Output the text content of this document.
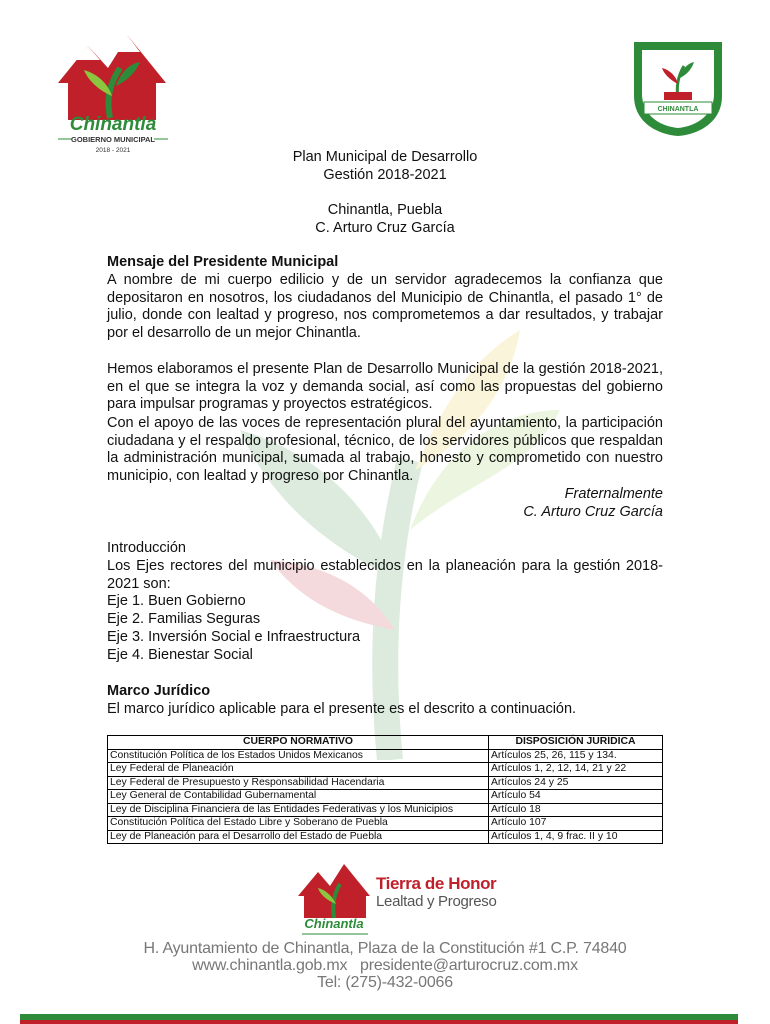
Chinantla
GOBIERNO MUNICIPAL
2018 - 2021
CHINANTLA
Plan Municipal de Desarrollo
Gestión 2018-2021
Chinantla, Puebla
C. Arturo Cruz García
Mensaje del Presidente Municipal
A nombre de mi cuerpo edilicio y de un servidor agradecemos la confianza que depositaron en nosotros, los ciudadanos del Municipio de Chinantla, el pasado 1° de julio, donde con lealtad y progreso, nos comprometemos a dar resultados, y trabajar por el desarrollo de un mejor Chinantla.
Hemos elaboramos el presente Plan de Desarrollo Municipal de la gestión 2018-2021, en el que se integra la voz y demanda social, así como las propuestas del gobierno para impulsar programas y proyectos estratégicos.
Con el apoyo de las voces de representación plural del ayuntamiento, la participación ciudadana y el respaldo profesional, técnico, de los servidores públicos que respaldan la administración municipal, sumada al trabajo, honesto y comprometido con nuestro municipio, con lealtad y progreso por Chinantla.
Fraternalmente
C. Arturo Cruz García
Introducción
Los Ejes rectores del municipio establecidos en la planeación para la gestión 2018-2021 son:
Eje 1. Buen Gobierno
Eje 2. Familias Seguras
Eje 3. Inversión Social e Infraestructura
Eje 4. Bienestar Social
Marco Jurídico
El marco jurídico aplicable para el presente es el descrito a continuación.
CUERPO NORMATIVO	DISPOSICIÓN JURÍDICA
Constitución Política de los Estados Unidos Mexicanos	Artículos 25, 26, 115 y 134.
Ley Federal de Planeación	Artículos 1, 2, 12, 14, 21 y 22
Ley Federal de Presupuesto y Responsabilidad Hacendaria	Artículos 24 y 25
Ley General de Contabilidad Gubernamental	Artículo 54
Ley de Disciplina Financiera de las Entidades Federativas y los Municipios	Artículo 18
Constitución Política del Estado Libre y Soberano de Puebla	Artículo 107
Ley de Planeación para el Desarrollo del Estado de Puebla	Artículos 1, 4, 9 frac. II y 10
Chinantla
Tierra de Honor
Lealtad y Progreso
H. Ayuntamiento de Chinantla, Plaza de la Constitución #1 C.P. 74840
www.chinantla.gob.mx   presidente@arturocruz.com.mx
Tel: (275)-432-0066
